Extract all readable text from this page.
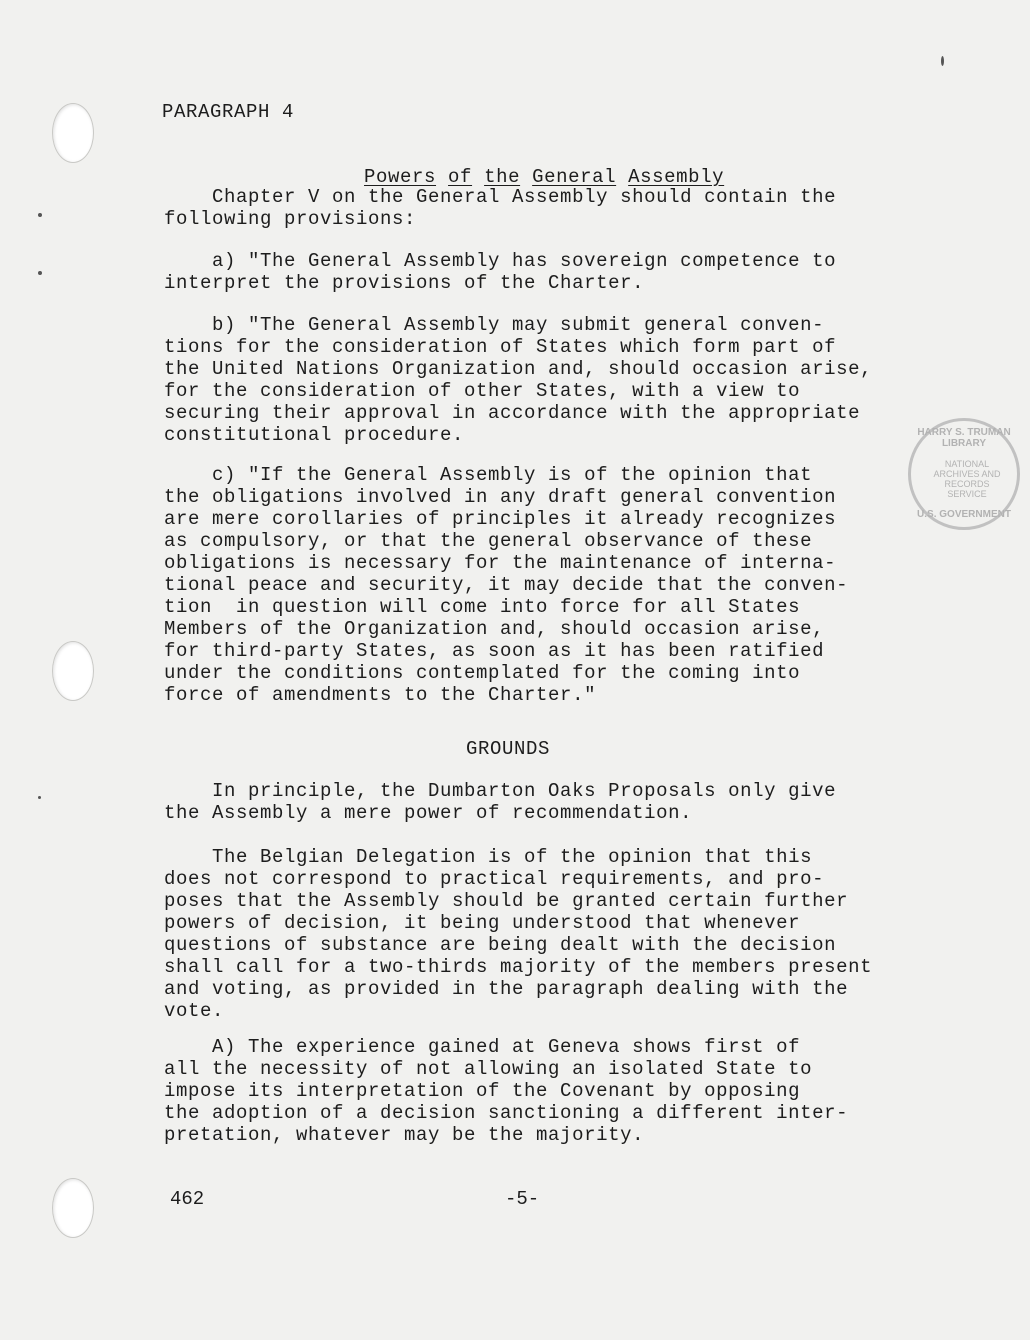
PARAGRAPH 4

Powers of the General Assembly

Chapter V on the General Assembly should contain the
following provisions:
a) "The General Assembly has sovereign competence to
interpret the provisions of the Charter.
b) "The General Assembly may submit general conven-
tions for the consideration of States which form part of
the United Nations Organization and, should occasion arise,
for the consideration of other States, with a view to
securing their approval in accordance with the appropriate
constitutional procedure.
c) "If the General Assembly is of the opinion that
the obligations involved in any draft general convention
are mere corollaries of principles it already recognizes
as compulsory, or that the general observance of these
obligations is necessary for the maintenance of interna-
tional peace and security, it may decide that the conven-
tion  in question will come into force for all States
Members of the Organization and, should occasion arise,
for third-party States, as soon as it has been ratified
under the conditions contemplated for the coming into
force of amendments to the Charter."
GROUNDS
In principle, the Dumbarton Oaks Proposals only give
the Assembly a mere power of recommendation.
The Belgian Delegation is of the opinion that this
does not correspond to practical requirements, and pro-
poses that the Assembly should be granted certain further
powers of decision, it being understood that whenever
questions of substance are being dealt with the decision
shall call for a two-thirds majority of the members present
and voting, as provided in the paragraph dealing with the
vote.
A) The experience gained at Geneva shows first of
all the necessity of not allowing an isolated State to
impose its interpretation of the Covenant by opposing
the adoption of a decision sanctioning a different inter-
pretation, whatever may be the majority.
462	-5-
HARRY S. TRUMAN LIBRARY
NATIONAL ARCHIVES AND RECORDS SERVICE
U.S. GOVERNMENT
